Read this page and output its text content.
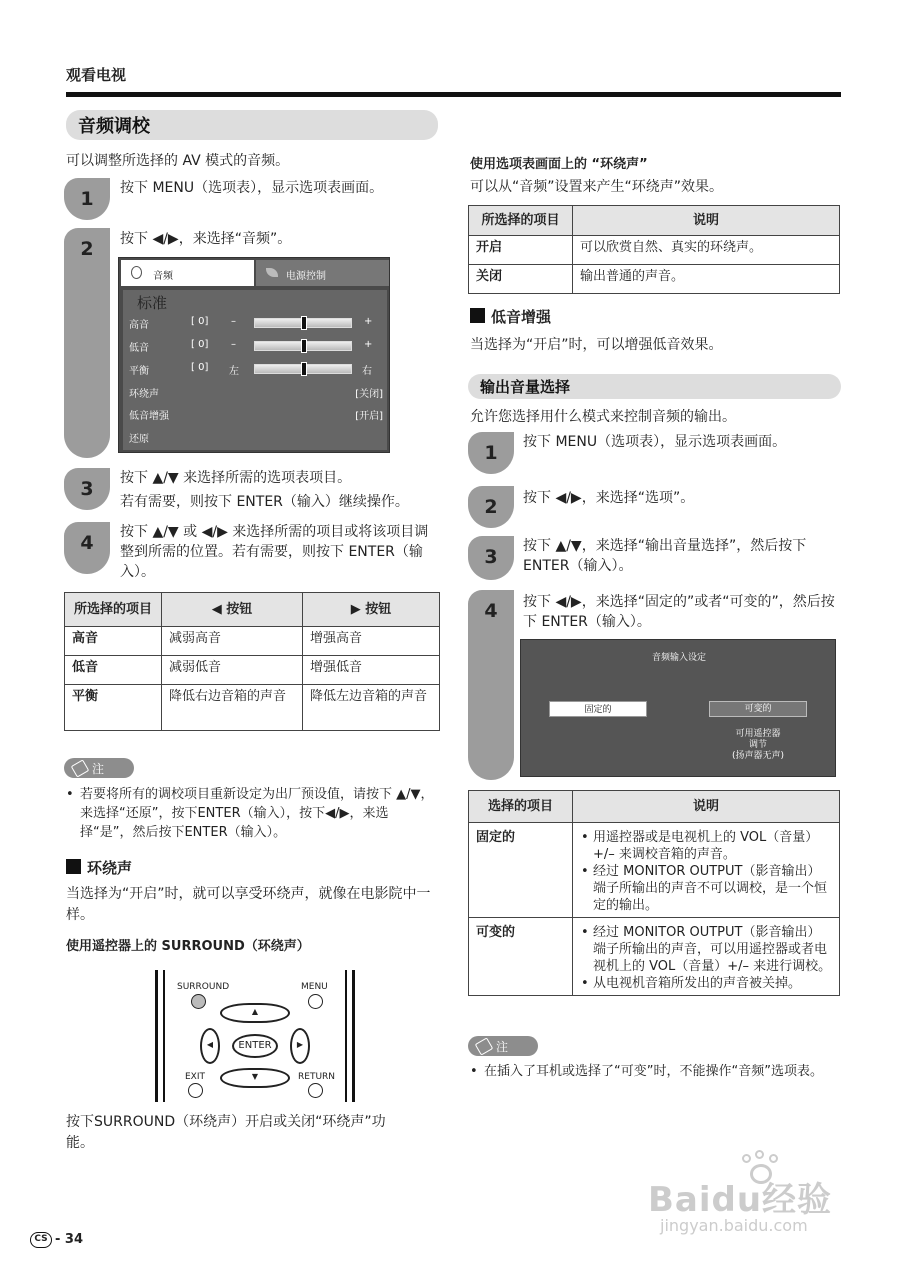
观看电视
音频调校
可以调整所选择的 AV 模式的音频。
1 按下 MENU（选项表），显示选项表画面。
2 按下 ◀/▶，来选择“音频”。
音频	电源控制
标准
高音	[ 0] –	+
低音	[ 0] –	+
平衡	[ 0] 左	右
环绕声	[关闭]
低音增强	[开启]
还原
3 按下 ▲/▼ 来选择所需的选项表项目。
若有需要，则按下 ENTER（输入）继续操作。
4 按下 ▲/▼ 或 ◀/▶ 来选择所需的项目或将该项目调整到所需的位置。若有需要，则按下 ENTER（输入）。
所选择的项目	◀ 按钮	▶ 按钮
高音	减弱高音	增强高音
低音	减弱低音	增强低音
平衡	降低右边音箱的声音	降低左边音箱的声音
注
• 若要将所有的调校项目重新设定为出厂预设值，请按下 ▲/▼，来选择“还原”，按下ENTER（输入），按下◀/▶，来选择“是”，然后按下ENTER（输入）。
环绕声
当选择为“开启”时，就可以享受环绕声，就像在电影院中一样。
使用遥控器上的 SURROUND（环绕声）
SURROUND	MENU
▲
▼
◀	▶
ENTER
EXIT	RETURN
按下SURROUND（环绕声）开启或关闭“环绕声”功能。
使用选项表画面上的 “环绕声”
可以从“音频”设置来产生“环绕声”效果。
所选择的项目	说明
开启	可以欣赏自然、真实的环绕声。
关闭	输出普通的声音。
低音增强
当选择为“开启”时，可以增强低音效果。
输出音量选择
允许您选择用什么模式来控制音频的输出。
1 按下 MENU（选项表），显示选项表画面。
2 按下 ◀/▶，来选择“选项”。
3 按下 ▲/▼，来选择“输出音量选择”，然后按下 ENTER（输入）。
4 按下 ◀/▶，来选择“固定的”或者“可变的”，然后按下 ENTER（输入）。
音频输入设定
固定的	可变的
可用遥控器
调节
(扬声器无声)
选择的项目	说明
固定的	• 用遥控器或是电视机上的 VOL（音量）+/– 来调校音箱的声音。
• 经过 MONITOR OUTPUT（影音输出）端子所输出的声音不可以调校，是一个恒定的输出。

可变的	• 经过 MONITOR OUTPUT（影音输出）端子所输出的声音，可以用遥控器或者电视机上的 VOL（音量）+/– 来进行调校。
• 从电视机音箱所发出的声音被关掉。
注
• 在插入了耳机或选择了“可变”时，不能操作“音频”选项表。
Baidu经验
jingyan.baidu.com
CS - 34
